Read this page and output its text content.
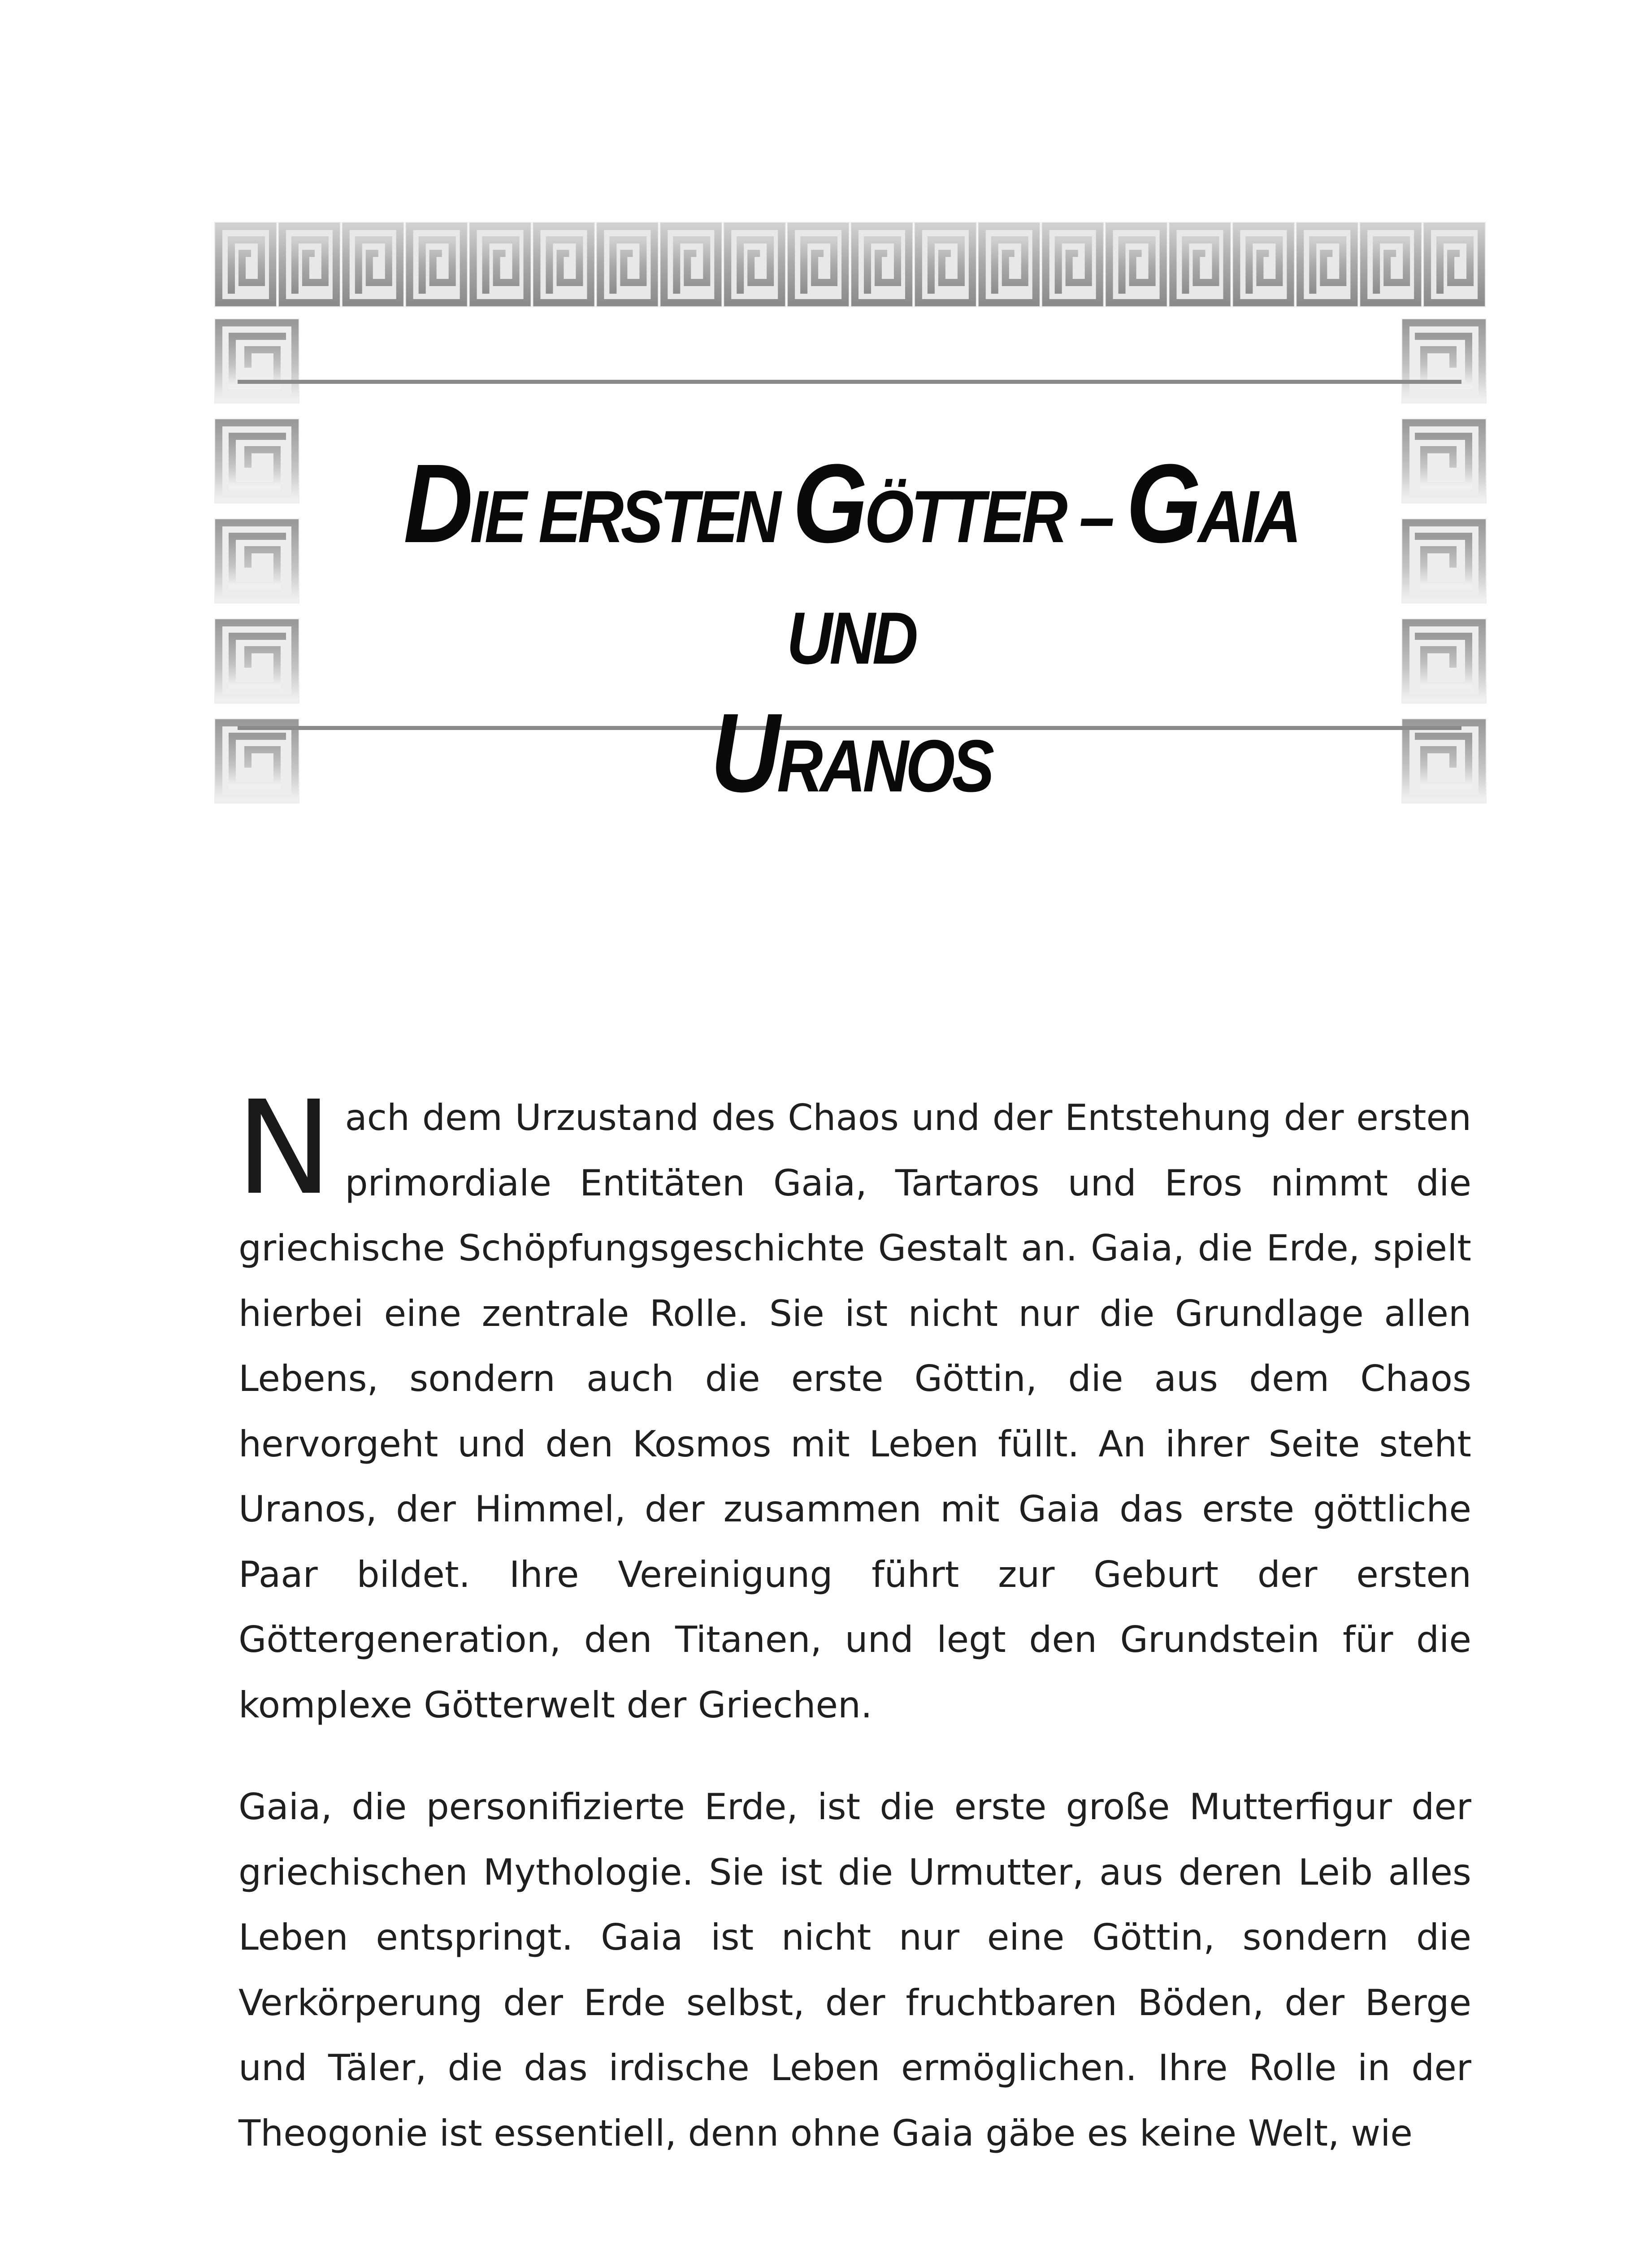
DIE ERSTEN GÖTTER – GAIA UND
URANOS

Nach dem Urzustand des Chaos und der Entstehung der ersten primordiale Entitäten Gaia, Tartaros und Eros nimmt die griechische Schöpfungsgeschichte Gestalt an. Gaia, die Erde, spielt hierbei eine zentrale Rolle. Sie ist nicht nur die Grundlage allen Lebens, sondern auch die erste Göttin, die aus dem Chaos hervorgeht und den Kosmos mit Leben füllt. An ihrer Seite steht Uranos, der Himmel, der zusammen mit Gaia das erste göttliche Paar bildet. Ihre Vereinigung führt zur Geburt der ersten Göttergeneration, den Titanen, und legt den Grundstein für die komplexe Götterwelt der Griechen.

Gaia, die personifizierte Erde, ist die erste große Mutterfigur der griechischen Mythologie. Sie ist die Urmutter, aus deren Leib alles Leben entspringt. Gaia ist nicht nur eine Göttin, sondern die Verkörperung der Erde selbst, der fruchtbaren Böden, der Berge und Täler, die das irdische Leben ermöglichen. Ihre Rolle in der Theogonie ist essentiell, denn ohne Gaia gäbe es keine Welt, wie
